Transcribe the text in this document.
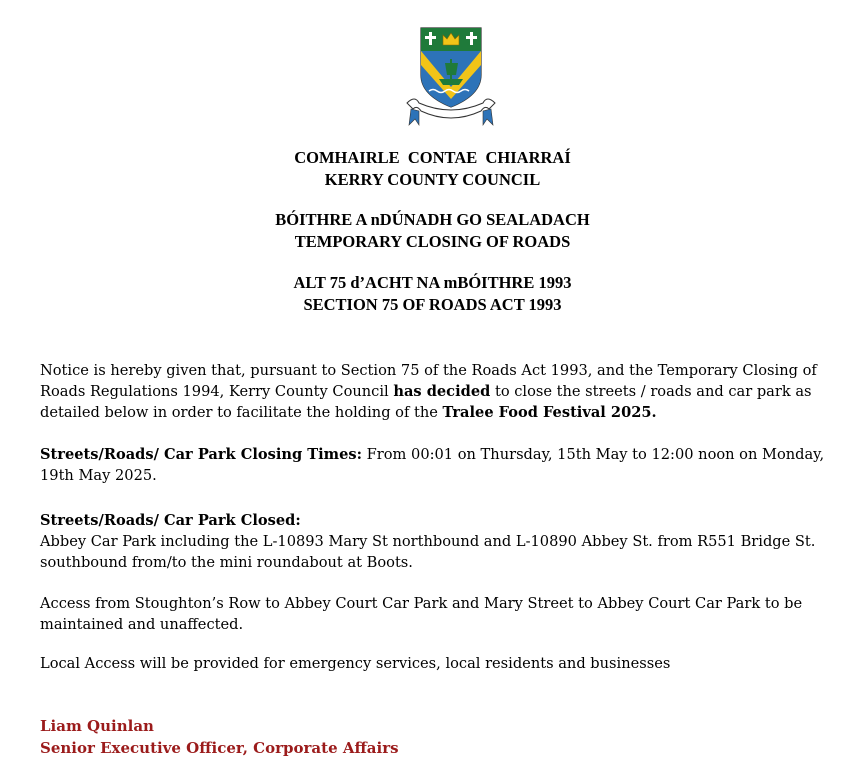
COMHAIRLE  CONTAE  CHIARRAÍ
KERRY COUNTY COUNCIL
BÓITHRE A nDÚNADH GO SEALADACH
TEMPORARY CLOSING OF ROADS
ALT 75 d’ACHT NA mBÓITHRE 1993
SECTION 75 OF ROADS ACT 1993

Notice is hereby given that, pursuant to Section 75 of the Roads Act 1993, and the Temporary Closing of Roads Regulations 1994, Kerry County Council has decided to close the streets / roads and car park as detailed below in order to facilitate the holding of the Tralee Food Festival 2025.

Streets/Roads/ Car Park Closing Times: From 00:01 on Thursday, 15th May to 12:00 noon on Monday, 19th May 2025.

Streets/Roads/ Car Park Closed:

Abbey Car Park including the L-10893 Mary St northbound and L-10890 Abbey St. from R551 Bridge St. southbound from/to the mini roundabout at Boots.

Access from Stoughton’s Row to Abbey Court Car Park and Mary Street to Abbey Court Car Park to be maintained and unaffected.

Local Access will be provided for emergency services, local residents and businesses

Liam Quinlan
Senior Executive Officer, Corporate Affairs
